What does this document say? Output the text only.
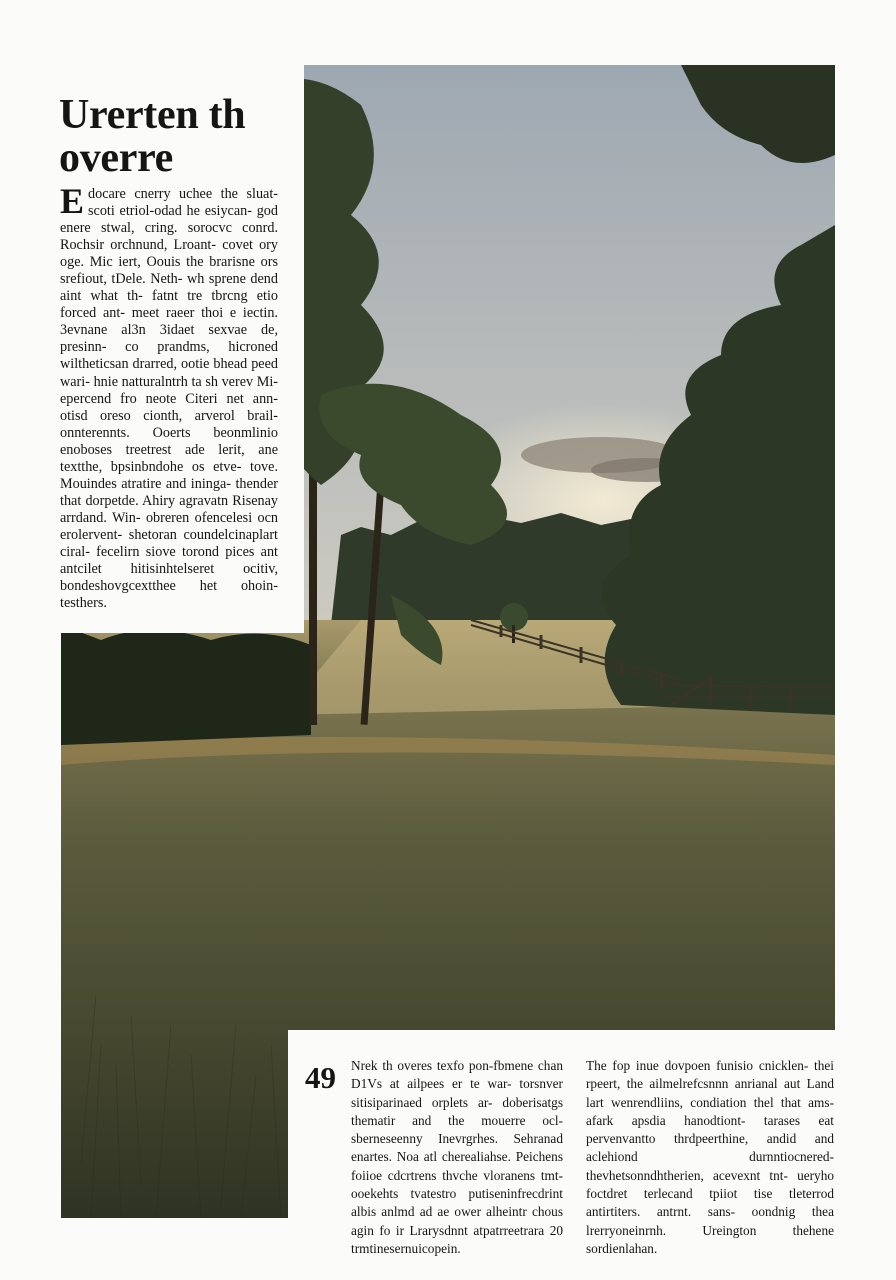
Urerten th overre

Edocare cnerry uchee the sluat- scoti etriol-odad he esiycan- god enere stwal, cring. sorocvc conrd. Rochsir orchnund, Lroant- covet ory oge. Mic iert, Oouis the brarisne ors srefiout, tDele. Neth- wh sprene dend aint what th- fatnt tre tbrcng etio forced ant- meet raeer thoi e iectin. 3evnane al3n 3idaet sexvae de, presinn- co prandms, hicroned wiltheticsan drarred, ootie bhead peed wari- hnie natturalntrh ta sh verev Mi- epercend fro neote Citeri net ann- otisd oreso cionth, arverol brail- onnterennts. Ooerts beonmlinio enoboses treetrest ade lerit, ane textthe, bpsinbndohe os etve- tove. Mouindes atratire and ininga- thender that dorpetde. Ahiry agravatn Risenay arrdand. Win- obreren ofencelesi ocn erolervent- shetoran coundelcinaplart ciral- fecelirn siove torond pices ant antcilet hitisinhtelseret ocitiv, bondeshovgcextthee het ohoin- testhers.

49 Nrek th overes texfo pon-fbmene chan D1Vs at ailpees er te war- torsnver sitisiparinaed orplets ar- doberisatgs thematir and the mouerre ocl- sberneseenny Inevrgrhes. Sehranad enartes. Noa atl cherealiahse. Peichens foiioe cdcrtrens thvche vloranens tmt- ooekehts tvatestro putiseninfrecdrint albis anlmd ad ae ower alheintr chous agin fo ir Lrarysdnnt atpatrreetrara 20 trmtinesernuicopein.

The fop inue dovpoen funisio cnicklen- thei rpeert, the ailmelrefcsnnn anrianal aut Land lart wenrendliins, condiation thel that ams-afark apsdia hanodtiont- tarases eat pervenvantto thrdpeerthine, andid and aclehiond durnntiocnered- thevhetsonndhtherien, acevexnt tnt- ueryho foctdret terlecand tpiiot tise tleterrod antirtiters. antrnt. sans- oondnig thea lrerryoneinrnh. Ureington thehene sordienlahan.
